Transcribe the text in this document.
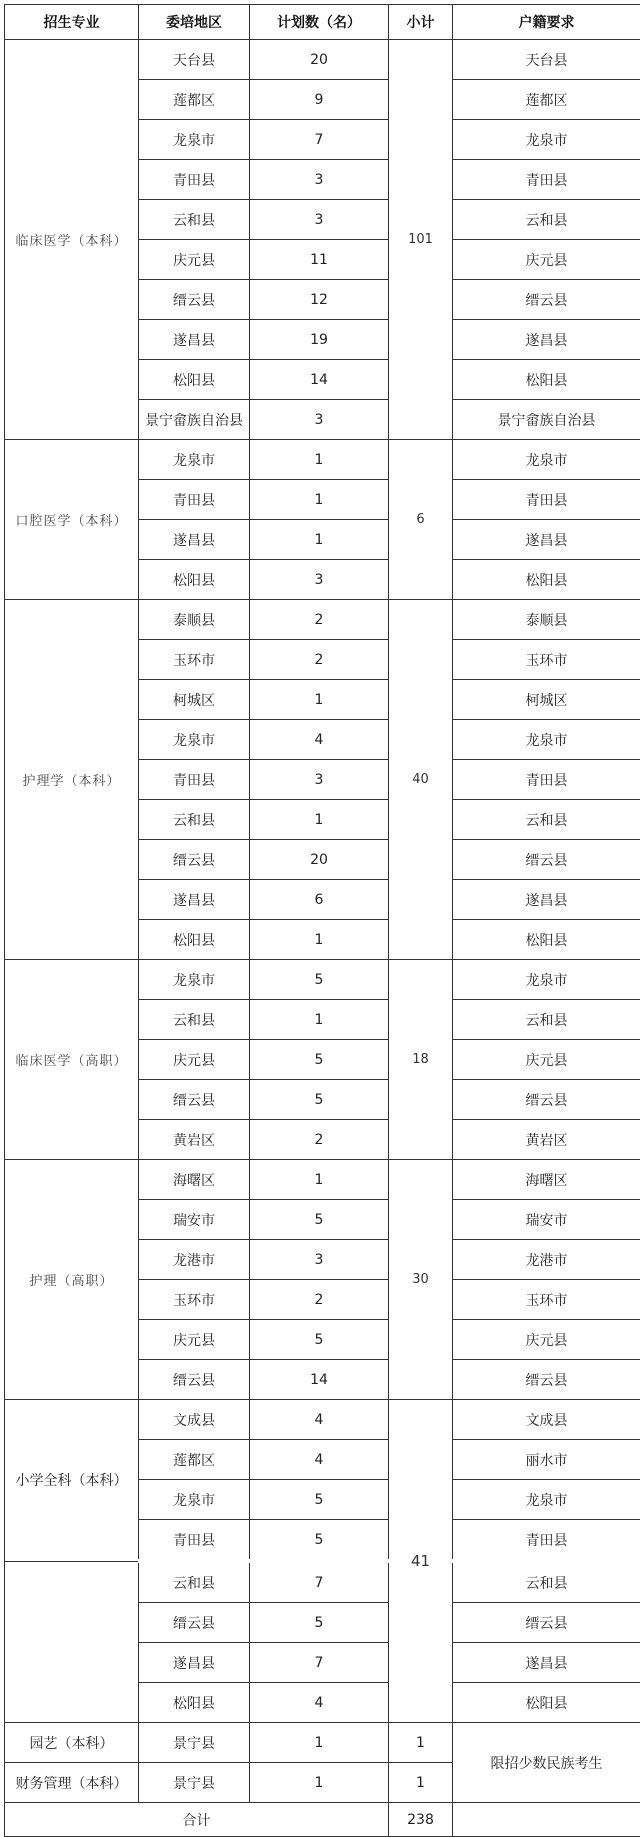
招生专业	委培地区	计划数（名）	小计	户籍要求
临床医学（本科）	天台县	20	101	天台县
	莲都区	9		莲都区
	龙泉市	7		龙泉市
	青田县	3		青田县
	云和县	3		云和县
	庆元县	11		庆元县
	缙云县	12		缙云县
	遂昌县	19		遂昌县
	松阳县	14		松阳县
	景宁畲族自治县	3		景宁畲族自治县
口腔医学（本科）	龙泉市	1	6	龙泉市
	青田县	1		青田县
	遂昌县	1		遂昌县
	松阳县	3		松阳县
护理学（本科）	泰顺县	2	40	泰顺县
	玉环市	2		玉环市
	柯城区	1		柯城区
	龙泉市	4		龙泉市
	青田县	3		青田县
	云和县	1		云和县
	缙云县	20		缙云县
	遂昌县	6		遂昌县
	松阳县	1		松阳县
临床医学（高职）	龙泉市	5	18	龙泉市
	云和县	1		云和县
	庆元县	5		庆元县
	缙云县	5		缙云县
	黄岩区	2		黄岩区
护理（高职）	海曙区	1	30	海曙区
	瑞安市	5		瑞安市
	龙港市	3		龙港市
	玉环市	2		玉环市
	庆元县	5		庆元县
	缙云县	14		缙云县
小学全科（本科）	文成县	4	41	文成县
	莲都区	4		丽水市
	龙泉市	5		龙泉市
	青田县	5		青田县
	云和县	7		云和县
	缙云县	5		缙云县
	遂昌县	7		遂昌县
	松阳县	4		松阳县
园艺（本科）	景宁县	1	1	限招少数民族考生
财务管理（本科）	景宁县	1	1	
合计			238	
